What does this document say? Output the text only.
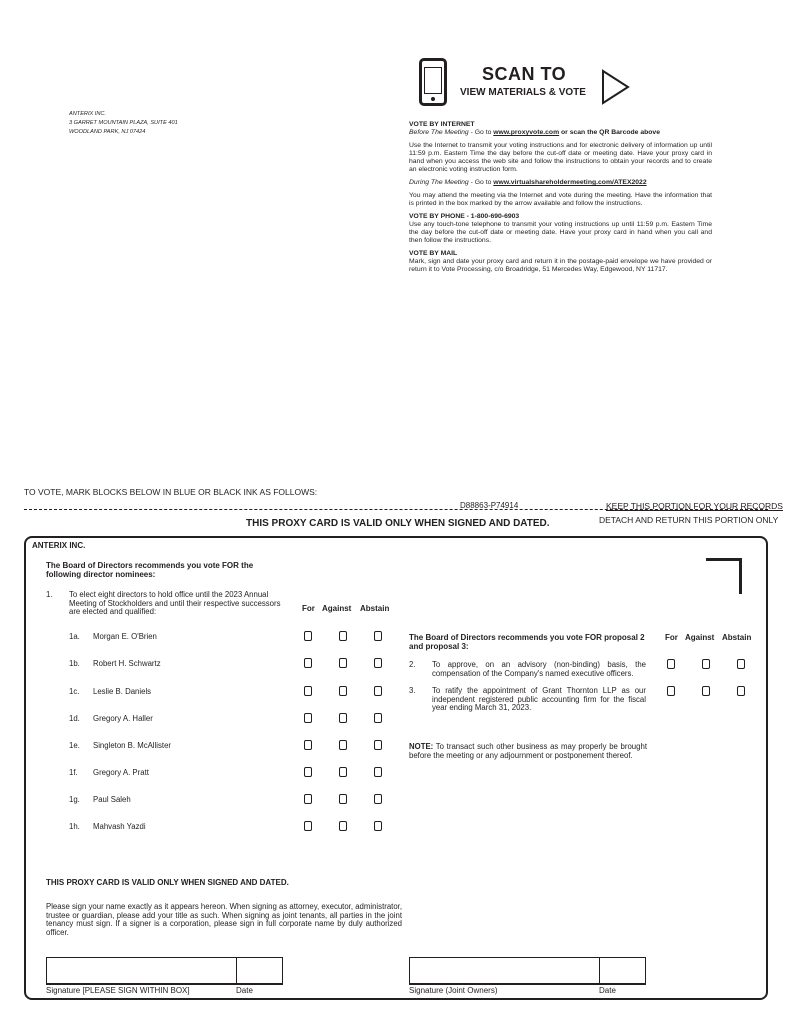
ANTERIX INC.
3 GARRET MOUNTAIN PLAZA, SUITE 401
WOODLAND PARK, NJ 07424
SCAN TO
VIEW MATERIALS & VOTE

VOTE BY INTERNET
Before The Meeting - Go to www.proxyvote.com or scan the QR Barcode above

Use the Internet to transmit your voting instructions and for electronic delivery of information up until 11:59 p.m. Eastern Time the day before the cut-off date or meeting date. Have your proxy card in hand when you access the web site and follow the instructions to obtain your records and to create an electronic voting instruction form.

During The Meeting - Go to www.virtualshareholdermeeting.com/ATEX2022

You may attend the meeting via the Internet and vote during the meeting. Have the information that is printed in the box marked by the arrow available and follow the instructions.

VOTE BY PHONE - 1-800-690-6903
Use any touch-tone telephone to transmit your voting instructions up until 11:59 p.m. Eastern Time the day before the cut-off date or meeting date. Have your proxy card in hand when you call and then follow the instructions.

VOTE BY MAIL
Mark, sign and date your proxy card and return it in the postage-paid envelope we have provided or return it to Vote Processing, c/o Broadridge, 51 Mercedes Way, Edgewood, NY 11717.

TO VOTE, MARK BLOCKS BELOW IN BLUE OR BLACK INK AS FOLLOWS:
D88863-P74914	KEEP THIS PORTION FOR YOUR RECORDS
DETACH AND RETURN THIS PORTION ONLY
THIS PROXY CARD IS VALID ONLY WHEN SIGNED AND DATED.
ANTERIX INC.
The Board of Directors recommends you vote FOR the following director nominees:
1. To elect eight directors to hold office until the 2023 Annual Meeting of Stockholders and until their respective successors are elected and qualified:	For Against Abstain
1a. Morgan E. O'Brien
1b. Robert H. Schwartz
1c. Leslie B. Daniels
1d. Gregory A. Haller
1e. Singleton B. McAllister
1f. Gregory A. Pratt
1g. Paul Saleh
1h. Mahvash Yazdi
The Board of Directors recommends you vote FOR proposal 2 and proposal 3:
For Against Abstain
2. To approve, on an advisory (non-binding) basis, the compensation of the Company's named executive officers.
3. To ratify the appointment of Grant Thornton LLP as our independent registered public accounting firm for the fiscal year ending March 31, 2023.
NOTE: To transact such other business as may properly be brought before the meeting or any adjournment or postponement thereof.
THIS PROXY CARD IS VALID ONLY WHEN SIGNED AND DATED.
Please sign your name exactly as it appears hereon. When signing as attorney, executor, administrator, trustee or guardian, please add your title as such. When signing as joint tenants, all parties in the joint tenancy must sign. If a signer is a corporation, please sign in full corporate name by duly authorized officer.
Signature [PLEASE SIGN WITHIN BOX]	Date	Signature (Joint Owners)	Date
